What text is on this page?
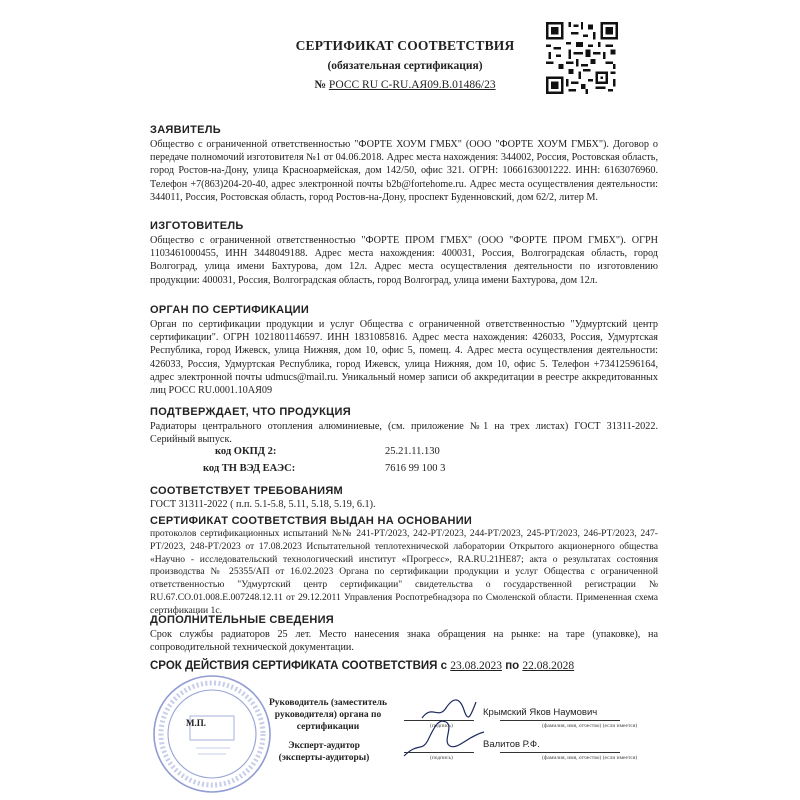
СЕРТИФИКАТ СООТВЕТСТВИЯ
(обязательная сертификация)
№ РОСС RU С-RU.АЯ09.В.01486/23
ЗАЯВИТЕЛЬ
Общество с ограниченной ответственностью "ФОРТЕ ХОУМ ГМБХ" (ООО "ФОРТЕ ХОУМ ГМБХ"). Договор о передаче полномочий изготовителя №1 от 04.06.2018. Адрес места нахождения: 344002, Россия, Ростовская область, город Ростов-на-Дону, улица Красноармейская, дом 142/50, офис 321. ОГРН: 1066163001222. ИНН: 6163076960. Телефон +7(863)204-20-40, адрес электронной почты b2b@fortehome.ru. Адрес места осуществления деятельности: 344011, Россия, Ростовская область, город Ростов-на-Дону, проспект Буденновский, дом 62/2, литер М.
ИЗГОТОВИТЕЛЬ
Общество с ограниченной ответственностью "ФОРТЕ ПРОМ ГМБХ" (ООО "ФОРТЕ ПРОМ ГМБХ"). ОГРН 1103461000455, ИНН 3448049188. Адрес места нахождения: 400031, Россия, Волгоградская область, город Волгоград, улица имени Бахтурова, дом 12л. Адрес места осуществления деятельности по изготовлению продукции: 400031, Россия, Волгоградская область, город Волгоград, улица имени Бахтурова, дом 12л.
ОРГАН ПО СЕРТИФИКАЦИИ
Орган по сертификации продукции и услуг Общества с ограниченной ответственностью "Удмуртский центр сертификации". ОГРН 1021801146597. ИНН 1831085816. Адрес места нахождения: 426033, Россия, Удмуртская Республика, город Ижевск, улица Нижняя, дом 10, офис 5, помещ. 4. Адрес места осуществления деятельности: 426033, Россия, Удмуртская Республика, город Ижевск, улица Нижняя, дом 10, офис 5. Телефон +73412596164, адрес электронной почты udmucs@mail.ru. Уникальный номер записи об аккредитации в реестре аккредитованных лиц РОСС RU.0001.10АЯ09
ПОДТВЕРЖДАЕТ, ЧТО ПРОДУКЦИЯ
Радиаторы центрального отопления алюминиевые, (см. приложение №1 на трех листах) ГОСТ 31311-2022. Серийный выпуск.
код ОКПД 2:	25.21.11.130
код ТН ВЭД ЕАЭС:	7616 99 100 3
СООТВЕТСТВУЕТ ТРЕБОВАНИЯМ
ГОСТ 31311-2022 ( п.п. 5.1-5.8, 5.11, 5.18, 5.19, 6.1).
СЕРТИФИКАТ СООТВЕТСТВИЯ ВЫДАН НА ОСНОВАНИИ
протоколов сертификационных испытаний №№ 241-РТ/2023, 242-РТ/2023, 244-РТ/2023, 245-РТ/2023, 246-РТ/2023, 247-РТ/2023, 248-РТ/2023 от 17.08.2023 Испытательной теплотехнической лаборатории Открытого акционерного общества «Научно - исследовательский технологический институт «Прогресс», RA.RU.21НЕ87; акта о результатах состояния производства № 25355/АП от 16.02.2023 Органа по сертификации продукции и услуг Общества с ограниченной ответственностью "Удмуртский центр сертификации" свидетельства о государственной регистрации № RU.67.CO.01.008.E.007248.12.11 от 29.12.2011 Управления Роспотребнадзора по Смоленской области. Примененная схема сертификации 1с.
ДОПОЛНИТЕЛЬНЫЕ СВЕДЕНИЯ
Срок службы радиаторов 25 лет. Место нанесения знака обращения на рынке: на таре (упаковке), на сопроводительной технической документации.
СРОК ДЕЙСТВИЯ СЕРТИФИКАТА СООТВЕТСТВИЯ с 23.08.2023 по 22.08.2028
М.П.
Руководитель (заместитель руководителя) органа по сертификации	(подпись)
Крымский Яков Наумович
(фамилия, имя, отчество) (если имеется)
Эксперт-аудитор (эксперты-аудиторы)	(подпись)
Валитов Р.Ф.
(фамилия, имя, отчество) (если имеется)
